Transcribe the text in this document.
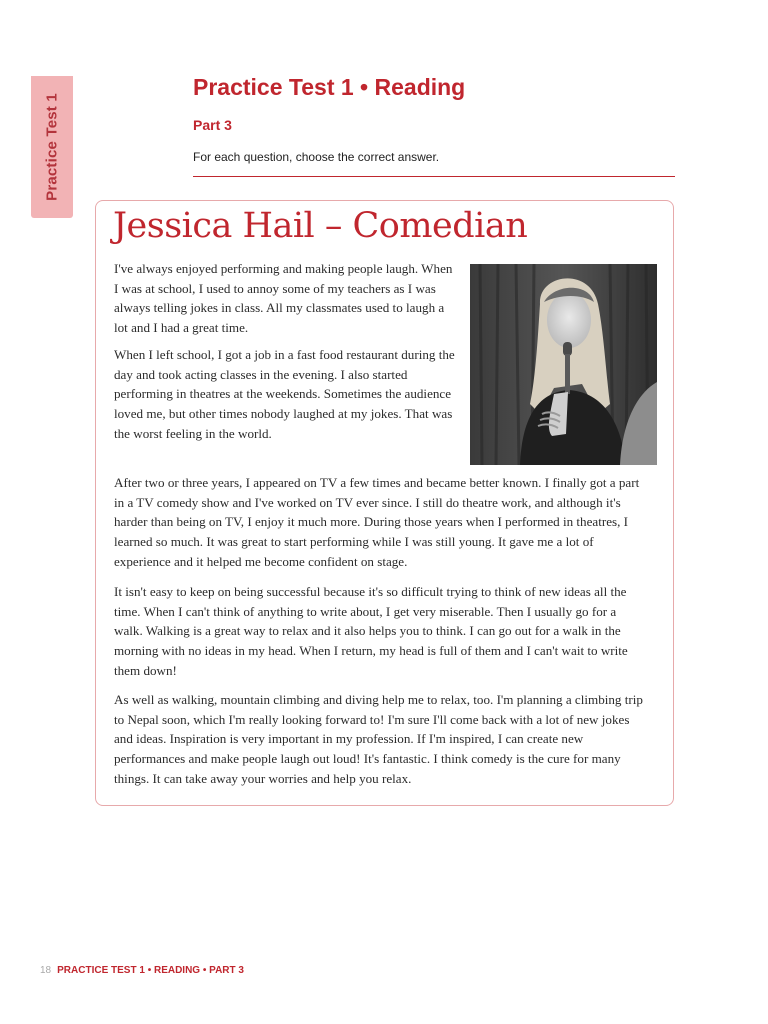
Practice Test 1
Practice Test 1 • Reading
Part 3
For each question, choose the correct answer.
Jessica Hail – Comedian

I've always enjoyed performing and making people laugh. When I was at school, I used to annoy some of my teachers as I was always telling jokes in class. All my classmates used to laugh a lot and I had a great time.

When I left school, I got a job in a fast food restaurant during the day and took acting classes in the evening. I also started performing in theatres at the weekends. Sometimes the audience loved me, but other times nobody laughed at my jokes. That was the worst feeling in the world.

After two or three years, I appeared on TV a few times and became better known. I finally got a part in a TV comedy show and I've worked on TV ever since. I still do theatre work, and although it's harder than being on TV, I enjoy it much more. During those years when I performed in theatres, I learned so much. It was great to start performing while I was still young. It gave me a lot of experience and it helped me become confident on stage.

It isn't easy to keep on being successful because it's so difficult trying to think of new ideas all the time. When I can't think of anything to write about, I get very miserable. Then I usually go for a walk. Walking is a great way to relax and it also helps you to think. I can go out for a walk in the morning with no ideas in my head. When I return, my head is full of them and I can't wait to write them down!

As well as walking, mountain climbing and diving help me to relax, too. I'm planning a climbing trip to Nepal soon, which I'm really looking forward to! I'm sure I'll come back with a lot of new jokes and ideas. Inspiration is very important in my profession. If I'm inspired, I can create new performances and make people laugh out loud! It's fantastic. I think comedy is the cure for many things. It can take away your worries and help you relax.

18 PRACTICE TEST 1 • READING • PART 3
